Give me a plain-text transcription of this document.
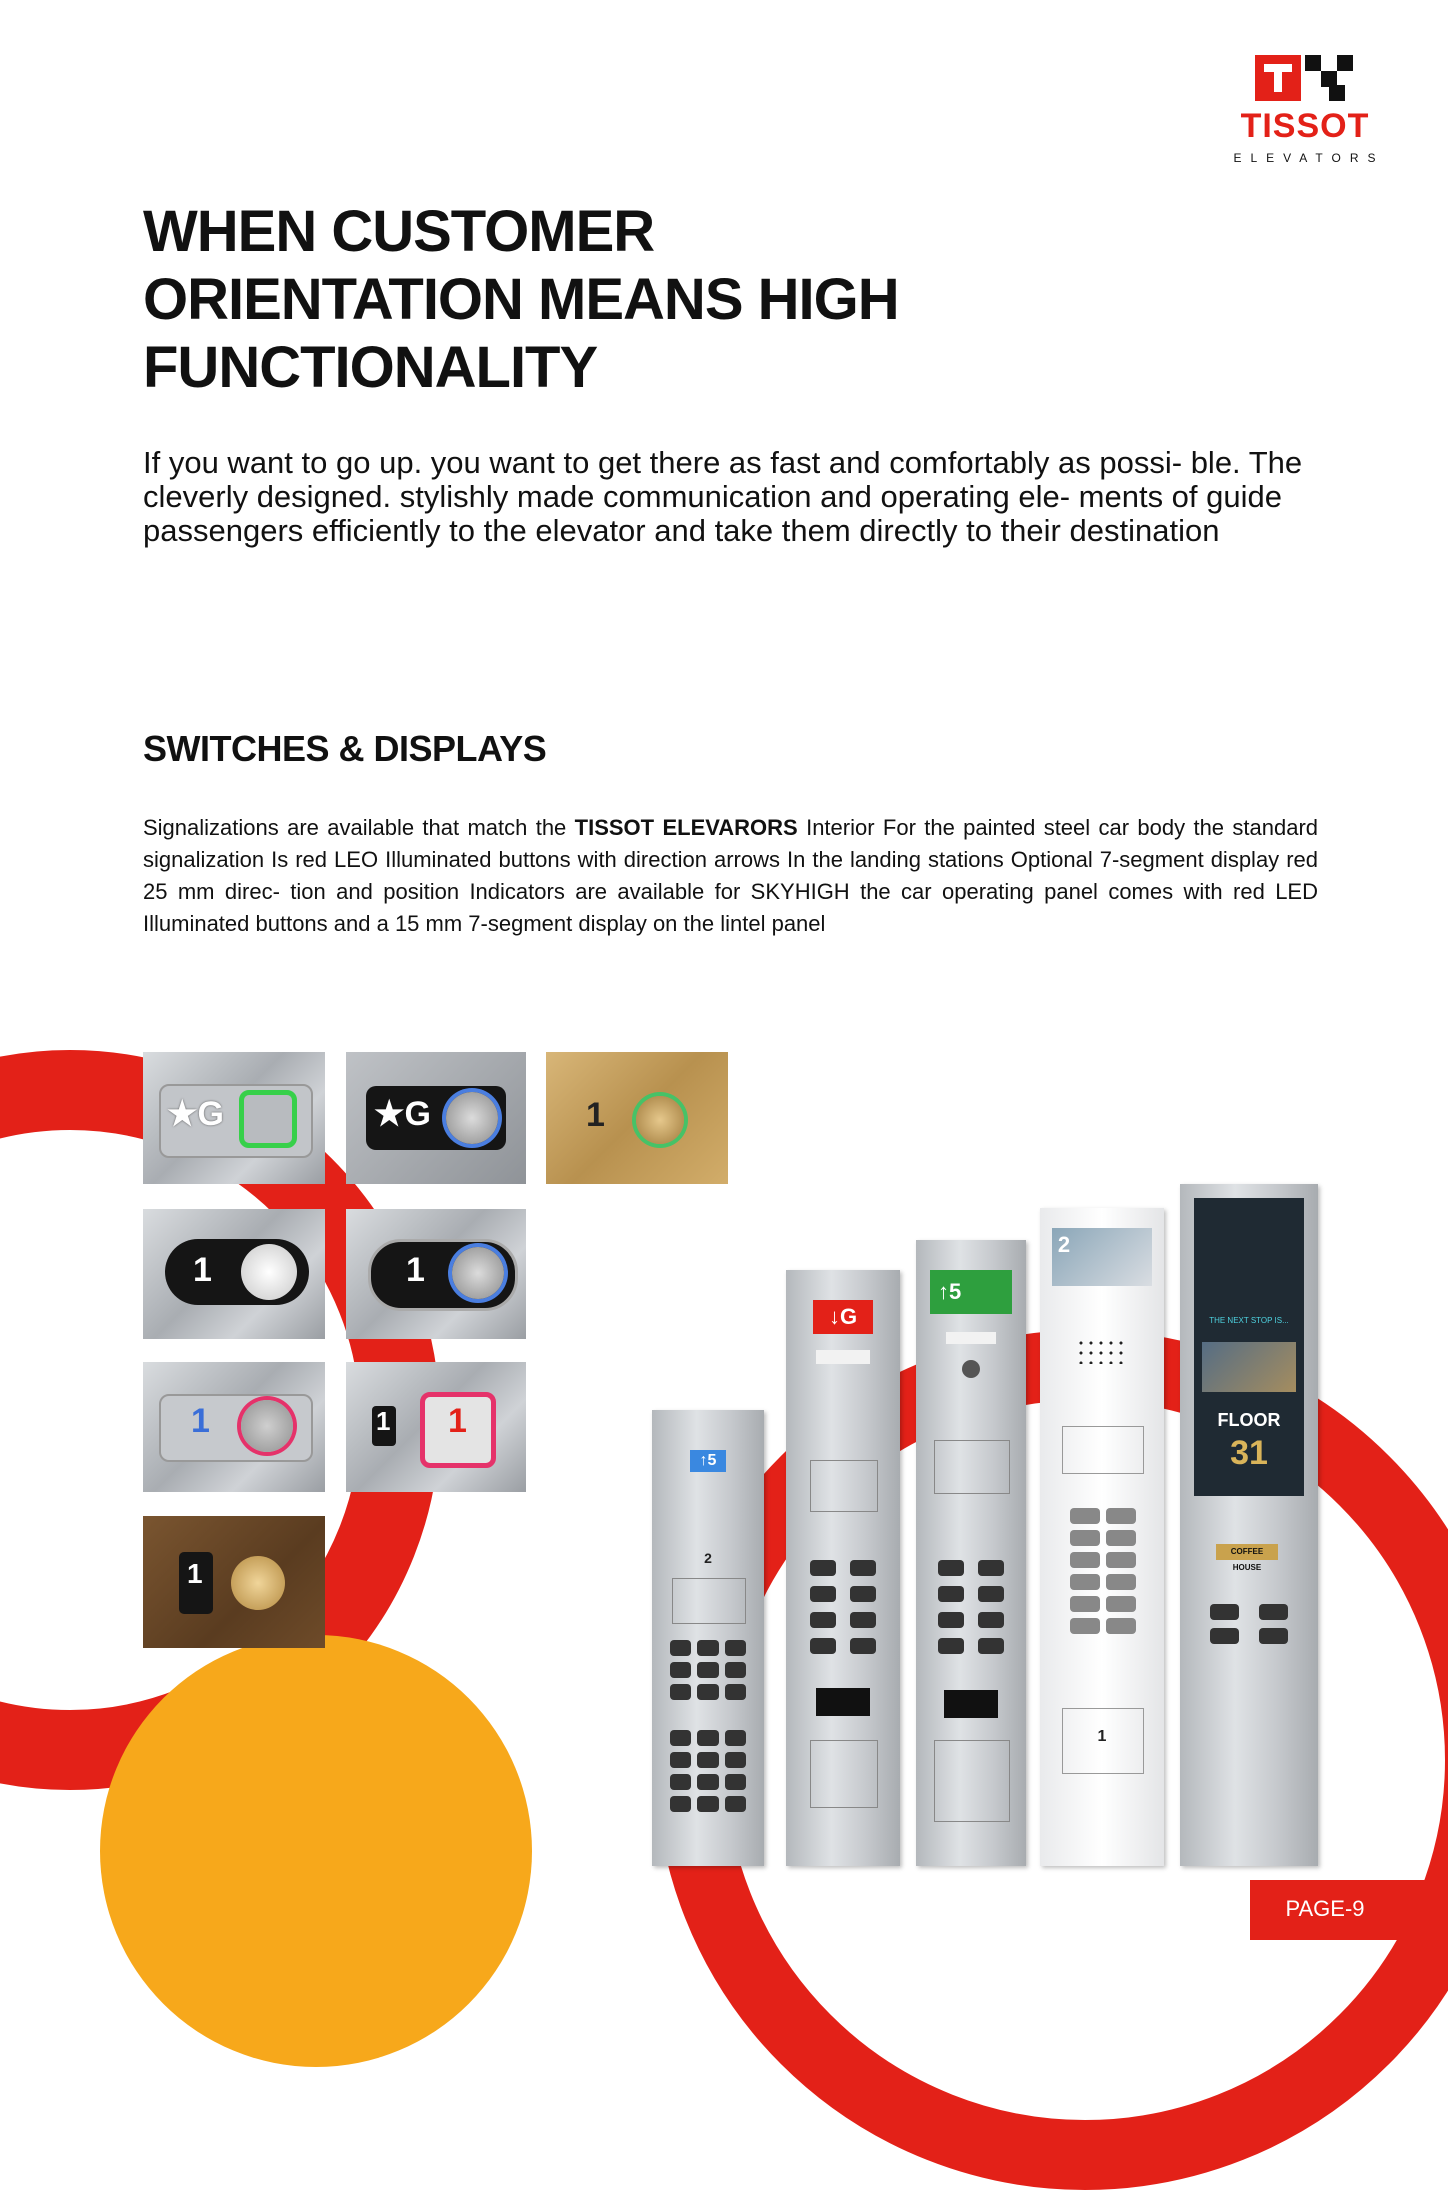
TISSOT
ELEVATORS
WHEN CUSTOMER ORIENTATION MEANS HIGH FUNCTIONALITY

If you want to go up. you want to get there as fast and comfortably as possi- ble. The cleverly designed. stylishly made communication and operating ele- ments of guide passengers efficiently to the elevator and take them directly to their destination

SWITCHES & DISPLAYS

Signalizations are available that match the TISSOT ELEVARORS Interior For the painted steel car body the standard signalization Is red LEO Illuminated buttons with direction arrows In the landing stations Optional 7-segment display red 25 mm direc- tion and position Indicators are available for SKYHIGH the car operating panel comes with red LED Illuminated buttons and a 15 mm 7-segment display on the lintel panel

★G	★G	1
1	1
1	1 1
1
↑5
2
↓G
↑5
2
1
THE NEXT STOP IS...
FLOOR
31
COFFEE HOUSE
PAGE-9
